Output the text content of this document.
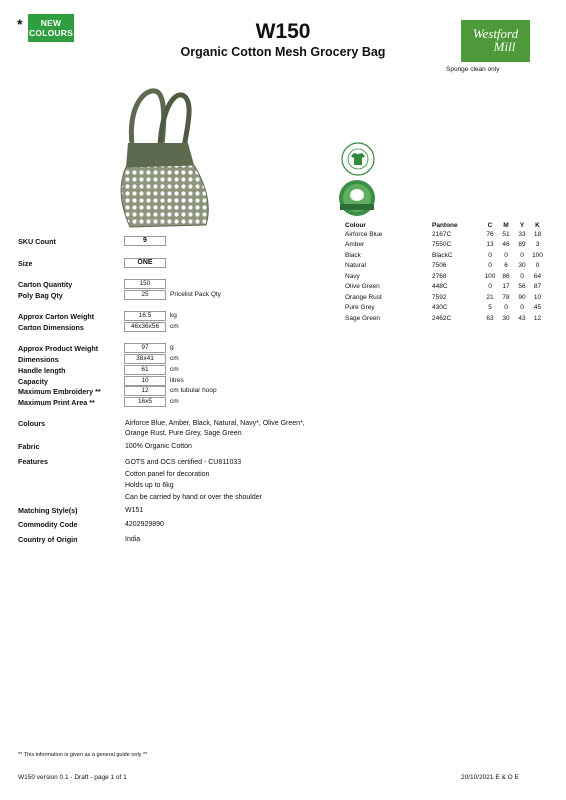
*	NEW
COLOURS	W150
Organic Cotton Mesh Grocery Bag
Westford
Mill
Sponge clean only
SKU Count	9
Size	ONE
Carton Quantity	150
Poly Bag Qty	25	Pricelist Pack Qty
Approx Carton Weight	16.5	kg
Carton Dimensions	46x36x56	cm
Approx Product Weight	97	g
Dimensions	38x41	cm
Handle length	61	cm
Capacity	10	litres
Maximum Embroidery **	12	cm tubular hoop
Maximum Print Area **	16x5	cm
Colours	Airforce Blue, Amber, Black, Natural, Navy*, Olive Green*,
Orange Rust, Pure Grey, Sage Green
Fabric	100% Organic Cotton
Features	GOTS and OCS certified - CU811033
Cotton panel for decoration
Holds up to 6kg
Can be carried by hand or over the shoulder
Matching Style(s)	W151
Commodity Code	4202929890
Country of Origin	India
Colour	Pantone	C	M	Y	K
Airforce Blue	2167C	76	51	33	18
Amber	7550C	13	46	89	3
Black	BlackC	0	0	0	100
Natural	7506	0	6	30	0
Navy	2768	100	86	0	64
Olive Green	448C	0	17	56	87
Orange Rust	7592	21	78	90	10
Pure Grey	430C	5	0	0	45
Sage Green	2462C	63	30	43	12
** This information is given as a general guide only **
W150 version 0.1 - Draft - page 1 of 1	20/10/2021 E & O E
